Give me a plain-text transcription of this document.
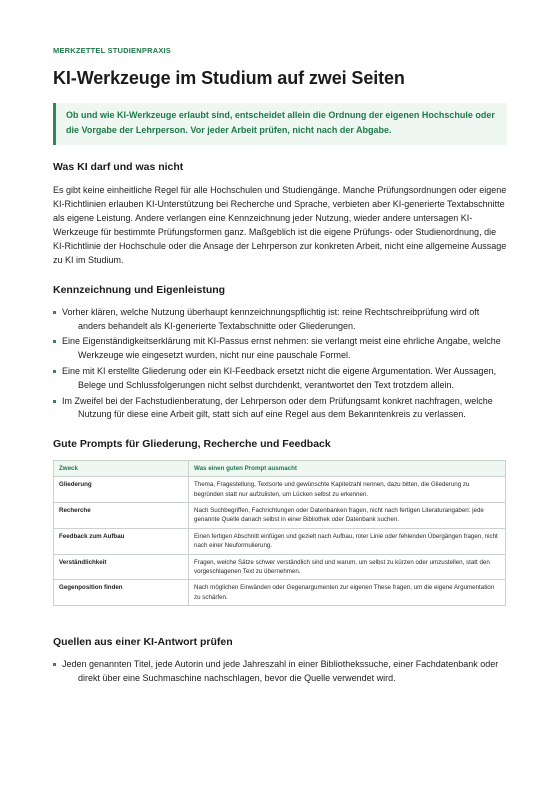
MERKZETTEL STUDIENPRAXIS
KI-Werkzeuge im Studium auf zwei Seiten
Ob und wie KI-Werkzeuge erlaubt sind, entscheidet allein die Ordnung der eigenen Hochschule oder die Vorgabe der Lehrperson. Vor jeder Arbeit prüfen, nicht nach der Abgabe.
Was KI darf und was nicht

Es gibt keine einheitliche Regel für alle Hochschulen und Studiengänge. Manche Prüfungsordnungen oder eigene KI-Richtlinien erlauben KI-Unterstützung bei Recherche und Sprache, verbieten aber KI-generierte Textabschnitte als eigene Leistung. Andere verlangen eine Kennzeichnung jeder Nutzung, wieder andere untersagen KI-Werkzeuge für bestimmte Prüfungsformen ganz. Maßgeblich ist die eigene Prüfungs- oder Studienordnung, die KI-Richtlinie der Hochschule oder die Ansage der Lehrperson zur konkreten Arbeit, nicht eine allgemeine Aussage zu KI im Studium.

Kennzeichnung und Eigenleistung
Vorher klären, welche Nutzung überhaupt kennzeichnungspflichtig ist: reine Rechtschreibprüfung wird oft anders behandelt als KI-generierte Textabschnitte oder Gliederungen.
Eine Eigenständigkeitserklärung mit KI-Passus ernst nehmen: sie verlangt meist eine ehrliche Angabe, welche Werkzeuge wie eingesetzt wurden, nicht nur eine pauschale Formel.
Eine mit KI erstellte Gliederung oder ein KI-Feedback ersetzt nicht die eigene Argumentation. Wer Aussagen, Belege und Schlussfolgerungen nicht selbst durchdenkt, verantwortet den Text trotzdem allein.
Im Zweifel bei der Fachstudienberatung, der Lehrperson oder dem Prüfungsamt konkret nachfragen, welche Nutzung für diese eine Arbeit gilt, statt sich auf eine Regel aus dem Bekanntenkreis zu verlassen.
Gute Prompts für Gliederung, Recherche und Feedback
Zweck	Was einen guten Prompt ausmacht
Gliederung	Thema, Fragestellung, Textsorte und gewünschte Kapitelzahl nennen, dazu bitten, die Gliederung zu begründen statt nur aufzulisten, um Lücken selbst zu erkennen.
Recherche	Nach Suchbegriffen, Fachrichtungen oder Datenbanken fragen, nicht nach fertigen Literaturangaben: jede genannte Quelle danach selbst in einer Bibliothek oder Datenbank suchen.
Feedback zum Aufbau	Einen fertigen Abschnitt einfügen und gezielt nach Aufbau, roter Linie oder fehlenden Übergängen fragen, nicht nach einer Neuformulierung.
Verständlichkeit	Fragen, welche Sätze schwer verständlich sind und warum, um selbst zu kürzen oder umzustellen, statt den vorgeschlagenen Text zu übernehmen.
Gegenposition finden	Nach möglichen Einwänden oder Gegenargumenten zur eigenen These fragen, um die eigene Argumentation zu schärfen.
Quellen aus einer KI-Antwort prüfen
Jeden genannten Titel, jede Autorin und jede Jahreszahl in einer Bibliothekssuche, einer Fachdatenbank oder direkt über eine Suchmaschine nachschlagen, bevor die Quelle verwendet wird.
